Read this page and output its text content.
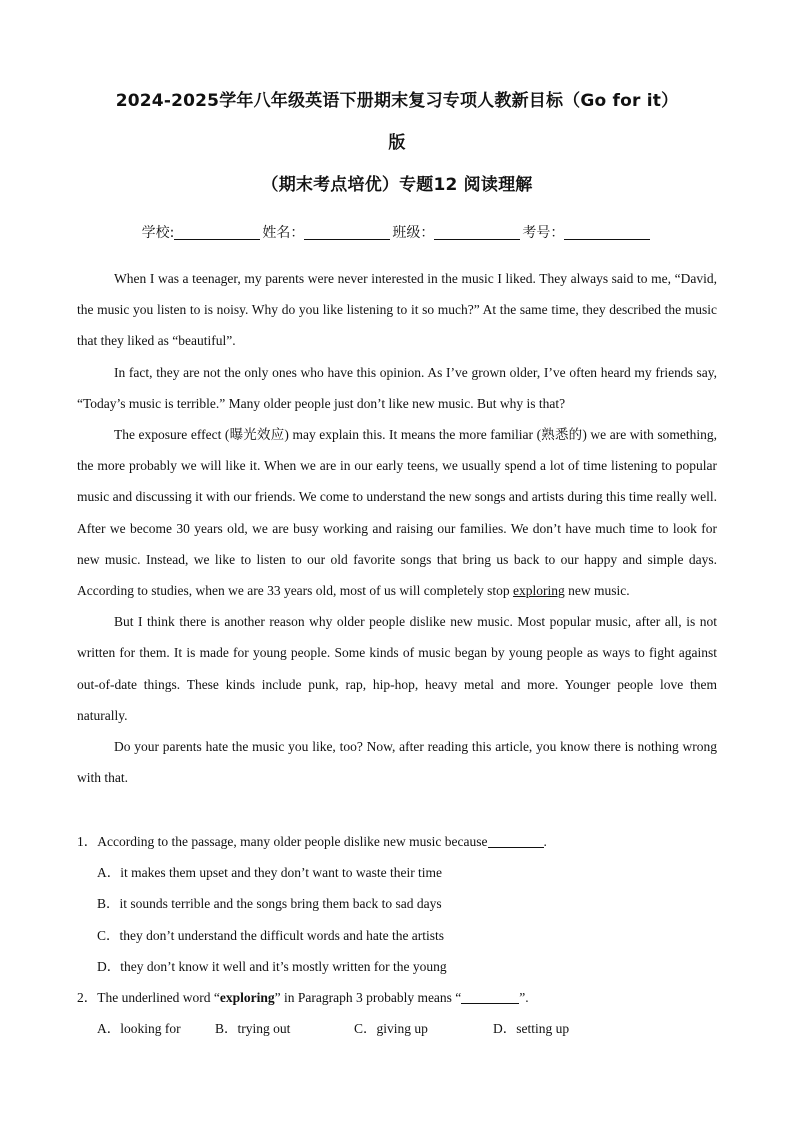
2024-2025学年八年级英语下册期末复习专项人教新目标（Go for it）
版
（期末考点培优）专题12 阅读理解
学校:	姓名：	班级：	考号：

When I was a teenager, my parents were never interested in the music I liked. They always said to me, “David, the music you listen to is noisy. Why do you like listening to it so much?” At the same time, they described the music that they liked as “beautiful”.

In fact, they are not the only ones who have this opinion. As I’ve grown older, I’ve often heard my friends say, “Today’s music is terrible.” Many older people just don’t like new music. But why is that?

The exposure effect (曝光效应) may explain this. It means the more familiar (熟悉的) we are with something, the more probably we will like it. When we are in our early teens, we usually spend a lot of time listening to popular music and discussing it with our friends. We come to understand the new songs and artists during this time really well. After we become 30 years old, we are busy working and raising our families. We don’t have much time to look for new music. Instead, we like to listen to our old favorite songs that bring us back to our happy and simple days. According to studies, when we are 33 years old, most of us will completely stop exploring new music.

But I think there is another reason why older people dislike new music. Most popular music, after all, is not written for them. It is made for young people. Some kinds of music began by young people as ways to fight against out-of-date things. These kinds include punk, rap, hip-hop, heavy metal and more. Younger people love them naturally.

Do your parents hate the music you like, too? Now, after reading this article, you know there is nothing wrong with that.

1．According to the passage, many older people dislike new music because	.
A．it makes them upset and they don’t want to waste their time
B．it sounds terrible and the songs bring them back to sad days
C．they don’t understand the difficult words and hate the artists
D．they don’t know it well and it’s mostly written for the young
2．The underlined word “exploring” in Paragraph 3 probably means “	”.
A．looking for	B．trying out	C．giving up	D．setting up
